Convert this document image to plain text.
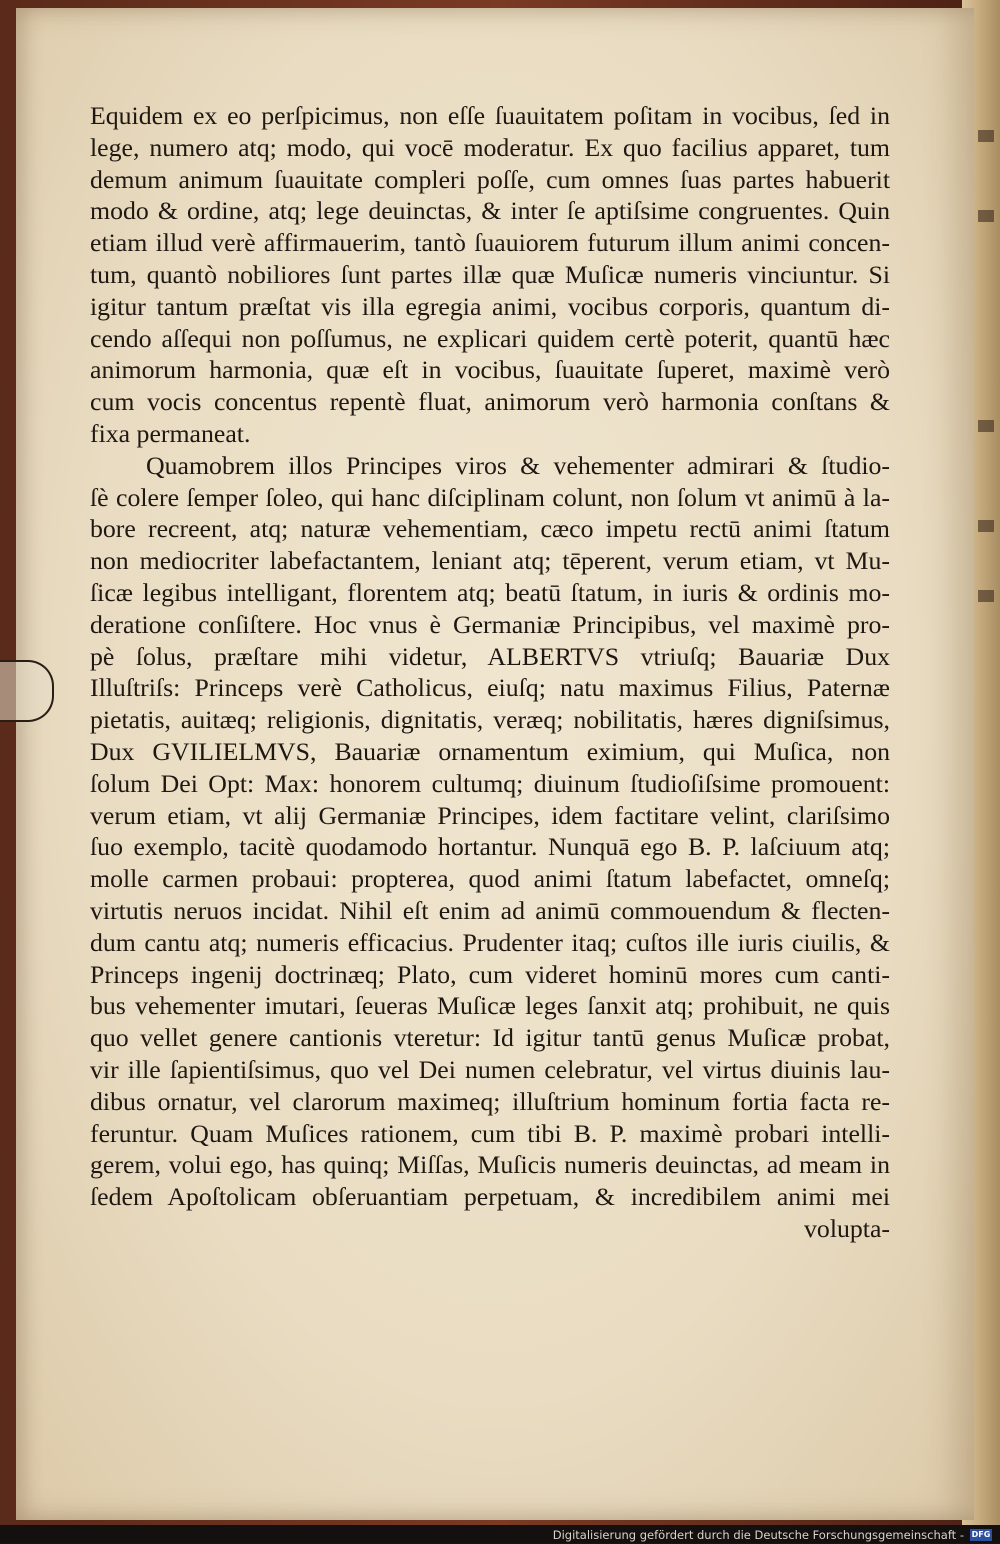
Equidem ex eo perſpicimus, non eſſe ſuauitatem poſitam in vocibus, ſed in
lege, numero atq; modo, qui vocē moderatur. Ex quo facilius apparet, tum
demum animum ſuauitate compleri poſſe, cum omnes ſuas partes habuerit
modo & ordine, atq; lege deuinctas, & inter ſe aptiſsime congruentes. Quin
etiam illud verè affirmauerim, tantò ſuauiorem futurum illum animi concen-
tum, quantò nobiliores ſunt partes illæ quæ Muſicæ numeris vinciuntur. Si
igitur tantum præſtat vis illa egregia animi, vocibus corporis, quantum di-
cendo aſſequi non poſſumus, ne explicari quidem certè poterit, quantū hæc
animorum harmonia, quæ eſt in vocibus, ſuauitate ſuperet, maximè verò
cum vocis concentus repentè fluat, animorum verò harmonia conſtans &
fixa permaneat.
Quamobrem illos Principes viros & vehementer admirari & ſtudio-
ſè colere ſemper ſoleo, qui hanc diſciplinam colunt, non ſolum vt animū à la-
bore recreent, atq; naturæ vehementiam, cæco impetu rectū animi ſtatum
non mediocriter labefactantem, leniant atq; tēperent, verum etiam, vt Mu-
ſicæ legibus intelligant, florentem atq; beatū ſtatum, in iuris & ordinis mo-
deratione conſiſtere. Hoc vnus è Germaniæ Principibus, vel maximè pro-
pè ſolus, præſtare mihi videtur, ALBERTVS vtriuſq; Bauariæ Dux
Illuſtriſs: Princeps verè Catholicus, eiuſq; natu maximus Filius, Paternæ
pietatis, auitæq; religionis, dignitatis, veræq; nobilitatis, hæres digniſsimus,
Dux GVILIELMVS, Bauariæ ornamentum eximium, qui Muſica, non
ſolum Dei Opt: Max: honorem cultumq; diuinum ſtudioſiſsime promouent:
verum etiam, vt alij Germaniæ Principes, idem factitare velint, clariſsimo
ſuo exemplo, tacitè quodamodo hortantur. Nunquā ego B. P. laſciuum atq;
molle carmen probaui: propterea, quod animi ſtatum labefactet, omneſq;
virtutis neruos incidat. Nihil eſt enim ad animū commouendum & flecten-
dum cantu atq; numeris efficacius. Prudenter itaq; cuſtos ille iuris ciuilis, &
Princeps ingenij doctrinæq; Plato, cum videret hominū mores cum canti-
bus vehementer imutari, ſeueras Muſicæ leges ſanxit atq; prohibuit, ne quis
quo vellet genere cantionis vteretur: Id igitur tantū genus Muſicæ probat,
vir ille ſapientiſsimus, quo vel Dei numen celebratur, vel virtus diuinis lau-
dibus ornatur, vel clarorum maximeq; illuſtrium hominum fortia facta re-
feruntur. Quam Muſices rationem, cum tibi B. P. maximè probari intelli-
gerem, volui ego, has quinq; Miſſas, Muſicis numeris deuinctas, ad meam in
ſedem Apoſtolicam obſeruantiam perpetuam, & incredibilem animi mei
volupta-
Digitalisierung gefördert durch die Deutsche Forschungsgemeinschaft - DFG
